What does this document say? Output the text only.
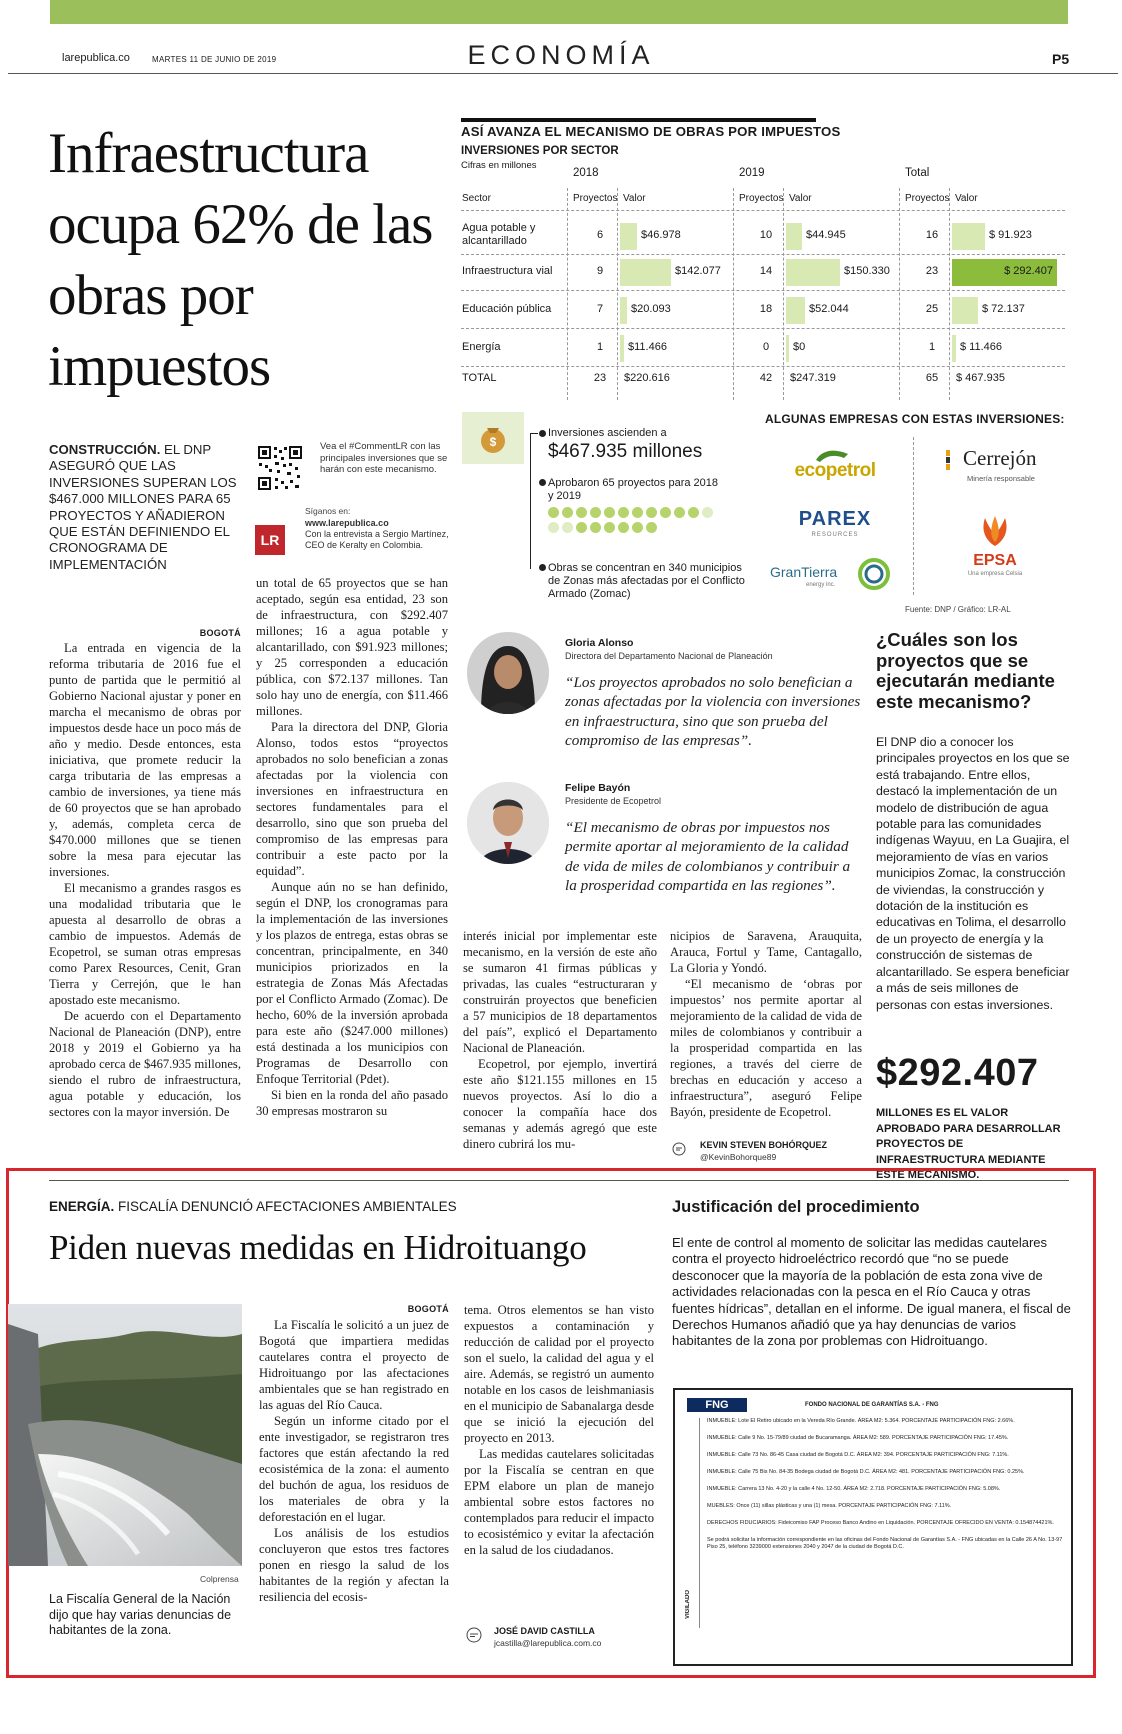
larepublica.co	MARTES 11 DE JUNIO DE 2019	ECONOMÍA	P5
Infraestructura ocupa 62% de las obras por impuestos
CONSTRUCCIÓN. EL DNP ASEGURÓ QUE LAS INVERSIONES SUPERAN LOS $467.000 MILLONES PARA 65 PROYECTOS Y AÑADIERON QUE ESTÁN DEFINIENDO EL CRONOGRAMA DE IMPLEMENTACIÓN
Vea el #CommentLR con las principales inversiones que se harán con este mecanismo.
Síganos en:
LR
www.larepublica.co
Con la entrevista a Sergio Martínez, CEO de Keralty en Colombia.
BOGOTÁ

La entrada en vigencia de la reforma tributaria de 2016 fue el punto de partida que le permitió al Gobierno Nacional ajustar y poner en marcha el mecanismo de obras por impuestos desde hace un poco más de año y medio. Desde entonces, esta iniciativa, que promete reducir la carga tributaria de las empresas a cambio de inversiones, ya tiene más de 60 proyectos que se han aprobado y, además, completa cerca de $470.000 millones que se tienen sobre la mesa para ejecutar las inversiones.

El mecanismo a grandes rasgos es una modalidad tributaria que le apuesta al desarrollo de obras a cambio de impuestos. Además de Ecopetrol, se suman otras empresas como Parex Resources, Cenit, Gran Tierra y Cerrejón, que le han apostado este mecanismo.

De acuerdo con el Departamento Nacional de Planeación (DNP), entre 2018 y 2019 el Gobierno ya ha aprobado cerca de $467.935 millones, siendo el rubro de infraestructura, agua potable y educación, los sectores con la mayor inversión. De

un total de 65 proyectos que se han aceptado, según esa entidad, 23 son de infraestructura, con $292.407 millones; 16 a agua potable y alcantarillado, con $91.923 millones; y 25 corresponden a educación pública, con $72.137 millones. Tan solo hay uno de energía, con $11.466 millones.

Para la directora del DNP, Gloria Alonso, todos estos “proyectos aprobados no solo benefician a zonas afectadas por la violencia con inversiones en infraestructura en sectores fundamentales para el desarrollo, sino que son prueba del compromiso de las empresas para contribuir a este pacto por la equidad”.

Aunque aún no se han definido, según el DNP, los cronogramas para la implementación de las inversiones y los plazos de entrega, estas obras se concentran, principalmente, en 340 municipios priorizados en la estrategia de Zonas Más Afectadas por el Conflicto Armado (Zomac). De hecho, 60% de la inversión aprobada para este año ($247.000 millones) está destinada a los municipios con Programas de Desarrollo con Enfoque Territorial (Pdet).

Si bien en la ronda del año pasado 30 empresas mostraron su

interés inicial por implementar este mecanismo, en la versión de este año se sumaron 41 firmas públicas y privadas, las cuales “estructuraran y construirán proyectos que beneficien a 57 municipios de 18 departamentos del país”, explicó el Departamento Nacional de Planeación.

Ecopetrol, por ejemplo, invertirá este año $121.155 millones en 15 nuevos proyectos. Así lo dio a conocer la compañía hace dos semanas y además agregó que este dinero cubrirá los mu-

nicipios de Saravena, Arauquita, Arauca, Fortul y Tame, Cantagallo, La Gloria y Yondó.

“El mecanismo de ‘obras por impuestos’ nos permite aportar al mejoramiento de la calidad de vida de miles de colombianos y contribuir a la prosperidad compartida en las regiones, a través del cierre de brechas en educación y acceso a infraestructura”, aseguró Felipe Bayón, presidente de Ecopetrol.

KEVIN STEVEN BOHÓRQUEZ
@KevinBohorque89
ASÍ AVANZA EL MECANISMO DE OBRAS POR IMPUESTOS
INVERSIONES POR SECTOR
Cifras en millones
2018	2019	Total
Sector	Proyectos Valor	Proyectos Valor	Proyectos Valor
Agua potable y alcantarillado	6	$46.978	10	$44.945	16	$ 91.923
Infraestructura vial	9	$142.077	14	$150.330	23	$ 292.407
Educación pública	7	$20.093	18	$52.044	25	$ 72.137
Energía	1	$11.466	0	$0	1	$ 11.466
TOTAL	23	$220.616	42	$247.319	65	$ 467.935
$
Inversiones ascienden a
$467.935 millones
Aprobaron 65 proyectos para 2018 y 2019
Obras se concentran en 340 municipios de Zonas más afectadas por el Conflicto Armado (Zomac)
ALGUNAS EMPRESAS CON ESTAS INVERSIONES:
ecopetrol
Cerrejón
Minería responsable
PAREX
RESOURCES
EPSA
Una empresa Celsia
GranTierra
energy inc.
Fuente: DNP / Gráfico: LR-AL
Gloria Alonso
Directora del Departamento Nacional de Planeación
“Los proyectos aprobados no solo benefician a zonas afectadas por la violencia con inversiones en infraestructura, sino que son prueba del compromiso de las empresas”.
Felipe Bayón
Presidente de Ecopetrol
“El mecanismo de obras por impuestos nos permite aportar al mejoramiento de la calidad de vida de miles de colombianos y contribuir a la prosperidad compartida en las regiones”.
¿Cuáles son los proyectos que se ejecutarán mediante este mecanismo?
El DNP dio a conocer los principales proyectos en los que se está trabajando. Entre ellos, destacó la implementación de un modelo de distribución de agua potable para las comunidades indígenas Wayuu, en La Guajira, el mejoramiento de vías en varios municipios Zomac, la construcción de viviendas, la construcción y dotación de la institución es educativas en Tolima, el desarrollo de un proyecto de energía y la construcción de sistemas de alcantarillado. Se espera beneficiar a más de seis millones de personas con estas inversiones.
$292.407
MILLONES ES EL VALOR APROBADO PARA DESARROLLAR PROYECTOS DE INFRAESTRUCTURA MEDIANTE ESTE MECANISMO.
ENERGÍA. FISCALÍA DENUNCIÓ AFECTACIONES AMBIENTALES
Piden nuevas medidas en Hidroituango
Colprensa
La Fiscalía General de la Nación dijo que hay varias denuncias de habitantes de la zona.
BOGOTÁ

La Fiscalía le solicitó a un juez de Bogotá que impartiera medidas cautelares contra el proyecto de Hidroituango por las afectaciones ambientales que se han registrado en las aguas del Río Cauca.

Según un informe citado por el ente investigador, se registraron tres factores que están afectando la red ecosistémica de la zona: el aumento del buchón de agua, los residuos de los materiales de obra y la deforestación en el lugar.

Los análisis de los estudios concluyeron que estos tres factores ponen en riesgo la salud de los habitantes de la región y afectan la resiliencia del ecosis-

tema. Otros elementos se han visto expuestos a contaminación y reducción de calidad por el proyecto son el suelo, la calidad del agua y el aire. Además, se registró un aumento notable en los casos de leishmaniasis en el municipio de Sabanalarga desde que se inició la ejecución del proyecto en 2013.

Las medidas cautelares solicitadas por la Fiscalía se centran en que EPM elabore un plan de manejo ambiental sobre estos factores no contemplados para reducir el impacto to ecosistémico y evitar la afectación en la salud de los ciudadanos.

JOSÉ DAVID CASTILLA
jcastilla@larepublica.com.co
Justificación del procedimiento
El ente de control al momento de solicitar las medidas cautelares contra el proyecto hidroeléctrico recordó que “no se puede desconocer que la mayoría de la población de esta zona vive de actividades relacionadas con la pesca en el Río Cauca y otras fuentes hídricas”, detallan en el informe. De igual manera, el fiscal de Derechos Humanos añadió que ya hay denuncias de varios habitantes de la zona por problemas con Hidroituango.
FNG	FONDO NACIONAL DE GARANTÍAS S.A. - FNG
VIGILADO
INMUEBLE: Lote El Retiro ubicado en la Vereda Río Grande. ÁREA M2: 5.364. PORCENTAJE PARTICIPACIÓN FNG: 2.66%.
INMUEBLE: Calle 9 No. 15-79/89 ciudad de Bucaramanga. ÁREA M2: 589. PORCENTAJE PARTICIPACIÓN FNG: 17.45%.
INMUEBLE: Calle 73 No. 86-45 Casa ciudad de Bogotá D.C. ÁREA M2: 394. PORCENTAJE PARTICIPACIÓN FNG: 7.11%.
INMUEBLE: Calle 75 Bis No. 84-35 Bodega ciudad de Bogotá D.C. ÁREA M2: 481. PORCENTAJE PARTICIPACIÓN FNG: 0.25%.
INMUEBLE: Carrera 13 No. 4-20 y la calle 4 No. 12-50. ÁREA M2: 2.718. PORCENTAJE PARTICIPACIÓN FNG: 5.08%.
MUEBLES: Once (11) sillas plásticas y una (1) mesa. PORCENTAJE PARTICIPACIÓN FNG: 7.11%.
DERECHOS FIDUCIARIOS: Fideicomiso FAP Proceso Banco Andino en Liquidación. PORCENTAJE OFRECIDO EN VENTA: 0.154874421%.
Se podrá solicitar la información correspondiente en las oficinas del Fondo Nacional de Garantías S.A. - FNG ubicadas en la Calle 26 A No. 13-97 Piso 25, teléfono 3239000 extensiones 2040 y 2047 de la ciudad de Bogotá D.C.
